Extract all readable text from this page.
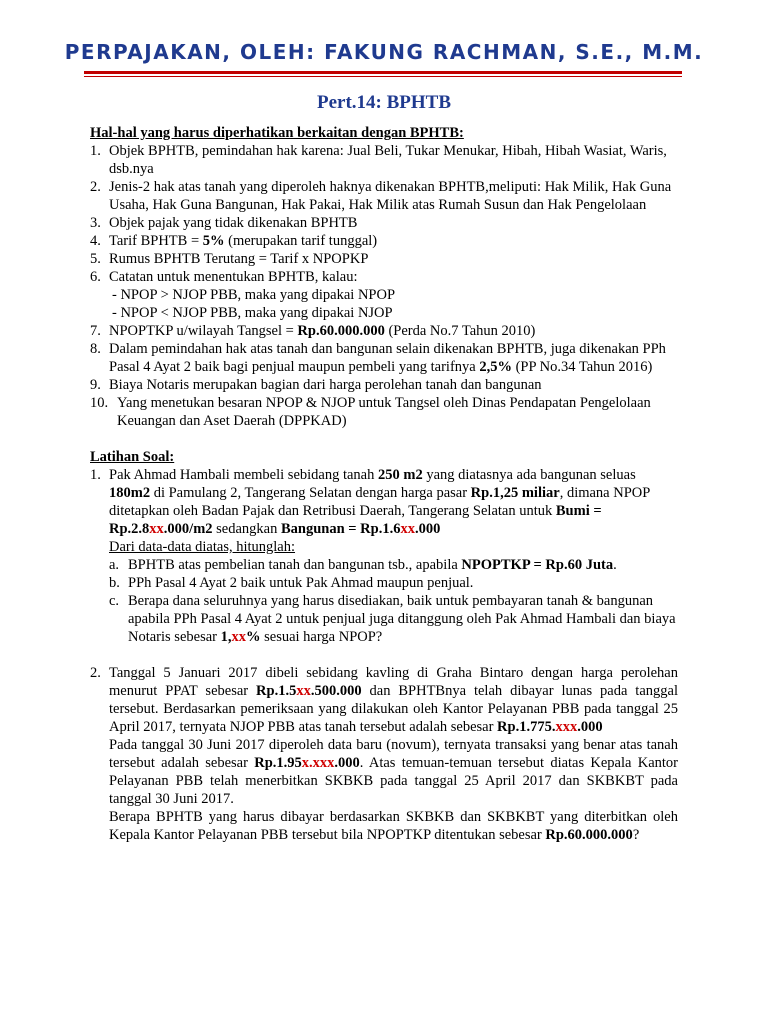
PERPAJAKAN, OLEH: FAKUNG RACHMAN, S.E., M.M.
Pert.14: BPHTB
Hal-hal yang harus diperhatikan berkaitan dengan BPHTB:
1. Objek BPHTB, pemindahan hak karena: Jual Beli, Tukar Menukar, Hibah, Hibah Wasiat, Waris, dsb.nya
2. Jenis-2 hak atas tanah yang diperoleh haknya dikenakan BPHTB,meliputi: Hak Milik, Hak Guna Usaha, Hak Guna Bangunan, Hak Pakai, Hak Milik atas Rumah Susun dan Hak Pengelolaan
3. Objek pajak yang tidak dikenakan BPHTB
4. Tarif BPHTB = 5% (merupakan tarif tunggal)
5. Rumus BPHTB Terutang = Tarif x NPOPKP
6. Catatan untuk menentukan BPHTB, kalau:
- NPOP > NJOP PBB, maka yang dipakai NPOP
- NPOP < NJOP PBB, maka yang dipakai NJOP
7. NPOPTKP u/wilayah Tangsel = Rp.60.000.000 (Perda No.7 Tahun 2010)
8. Dalam pemindahan hak atas tanah dan bangunan selain dikenakan BPHTB, juga dikenakan PPh Pasal 4 Ayat 2 baik bagi penjual maupun pembeli yang tarifnya 2,5% (PP No.34 Tahun 2016)
9. Biaya Notaris merupakan bagian dari harga perolehan tanah dan bangunan
10. Yang menetukan besaran NPOP & NJOP untuk Tangsel oleh Dinas Pendapatan Pengelolaan Keuangan dan Aset Daerah (DPPKAD)
Latihan Soal:
1. Pak Ahmad Hambali membeli sebidang tanah 250 m2 yang diatasnya ada bangunan seluas 180m2 di Pamulang 2, Tangerang Selatan dengan harga pasar Rp.1,25 miliar, dimana NPOP ditetapkan oleh Badan Pajak dan Retribusi Daerah, Tangerang Selatan untuk Bumi = Rp.2.8xx.000/m2 sedangkan Bangunan = Rp.1.6xx.000
Dari data-data diatas, hitunglah:
a. BPHTB atas pembelian tanah dan bangunan tsb., apabila NPOPTKP = Rp.60 Juta.
b. PPh Pasal 4 Ayat 2 baik untuk Pak Ahmad maupun penjual.
c. Berapa dana seluruhnya yang harus disediakan, baik untuk pembayaran tanah & bangunan apabila PPh Pasal 4 Ayat 2 untuk penjual juga ditanggung oleh Pak Ahmad Hambali dan biaya Notaris sebesar 1,xx% sesuai harga NPOP?
2. Tanggal 5 Januari 2017 dibeli sebidang kavling di Graha Bintaro dengan harga perolehan menurut PPAT sebesar Rp.1.5xx.500.000 dan BPHTBnya telah dibayar lunas pada tanggal tersebut. Berdasarkan pemeriksaan yang dilakukan oleh Kantor Pelayanan PBB pada tanggal 25 April 2017, ternyata NJOP PBB atas tanah tersebut adalah sebesar Rp.1.775.xxx.000
Pada tanggal 30 Juni 2017 diperoleh data baru (novum), ternyata transaksi yang benar atas tanah tersebut adalah sebesar Rp.1.95x.xxx.000. Atas temuan-temuan tersebut diatas Kepala Kantor Pelayanan PBB telah menerbitkan SKBKB pada tanggal 25 April 2017 dan SKBKBT pada tanggal 30 Juni 2017.
Berapa BPHTB yang harus dibayar berdasarkan SKBKB dan SKBKBT yang diterbitkan oleh Kepala Kantor Pelayanan PBB tersebut bila NPOPTKP ditentukan sebesar Rp.60.000.000?
